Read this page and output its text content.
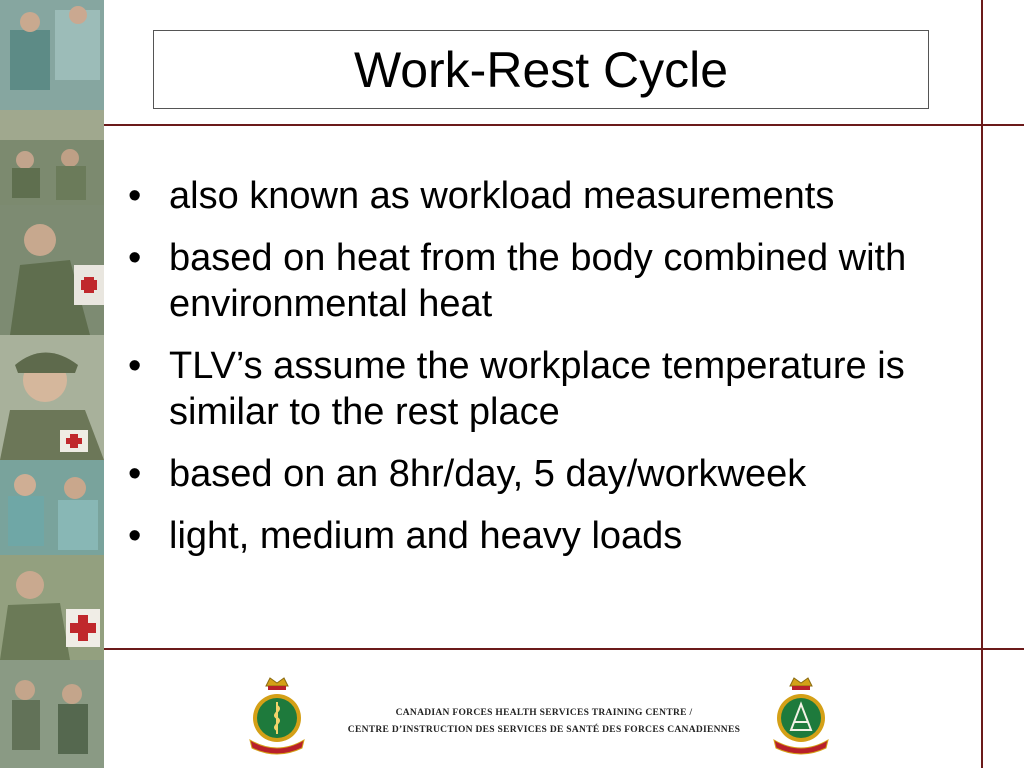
Work-Rest Cycle
• also known as workload measurements
• based on heat from the body combined with environmental heat
• TLV’s assume the workplace temperature is similar to the rest place
• based on an 8hr/day, 5 day/workweek
• light, medium and heavy loads
CANADIAN FORCES HEALTH SERVICES TRAINING CENTRE /
CENTRE D’INSTRUCTION DES SERVICES DE SANTÉ DES FORCES CANADIENNES
